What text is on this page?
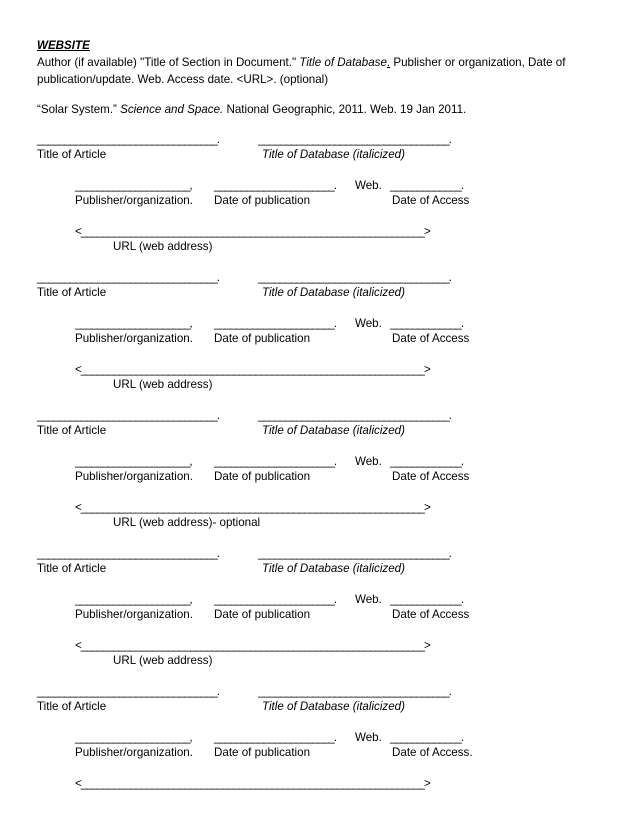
WEBSITE
Author (if available) "Title of Section in Document." Title of Database. Publisher or organization, Date of
publication/update. Web. Access date. <URL>. (optional)
“Solar System.” Science and Space. National Geographic, 2011. Web. 19 Jan 2011.
_________________________________.	___________________________________.
Title of Article	Title of Database (italicized)
_____________________, ______________________. Web. _____________.
Publisher/organization. Date of publication	Date of Access
<_______________________________________________________________>
URL (web address)
_________________________________.	___________________________________.
Title of Article	Title of Database (italicized)
_____________________, ______________________. Web. _____________.
Publisher/organization. Date of publication	Date of Access
<_______________________________________________________________>
URL (web address)
_________________________________.	___________________________________.
Title of Article	Title of Database (italicized)
_____________________, ______________________. Web. _____________.
Publisher/organization. Date of publication	Date of Access
<_______________________________________________________________>
URL (web address)- optional
_________________________________.	___________________________________.
Title of Article	Title of Database (italicized)
_____________________, ______________________. Web. _____________.
Publisher/organization. Date of publication	Date of Access
<_______________________________________________________________>
URL (web address)
_________________________________.	___________________________________.
Title of Article	Title of Database (italicized)
_____________________, ______________________. Web. _____________.
Publisher/organization. Date of publication	Date of Access.
<_______________________________________________________________>
